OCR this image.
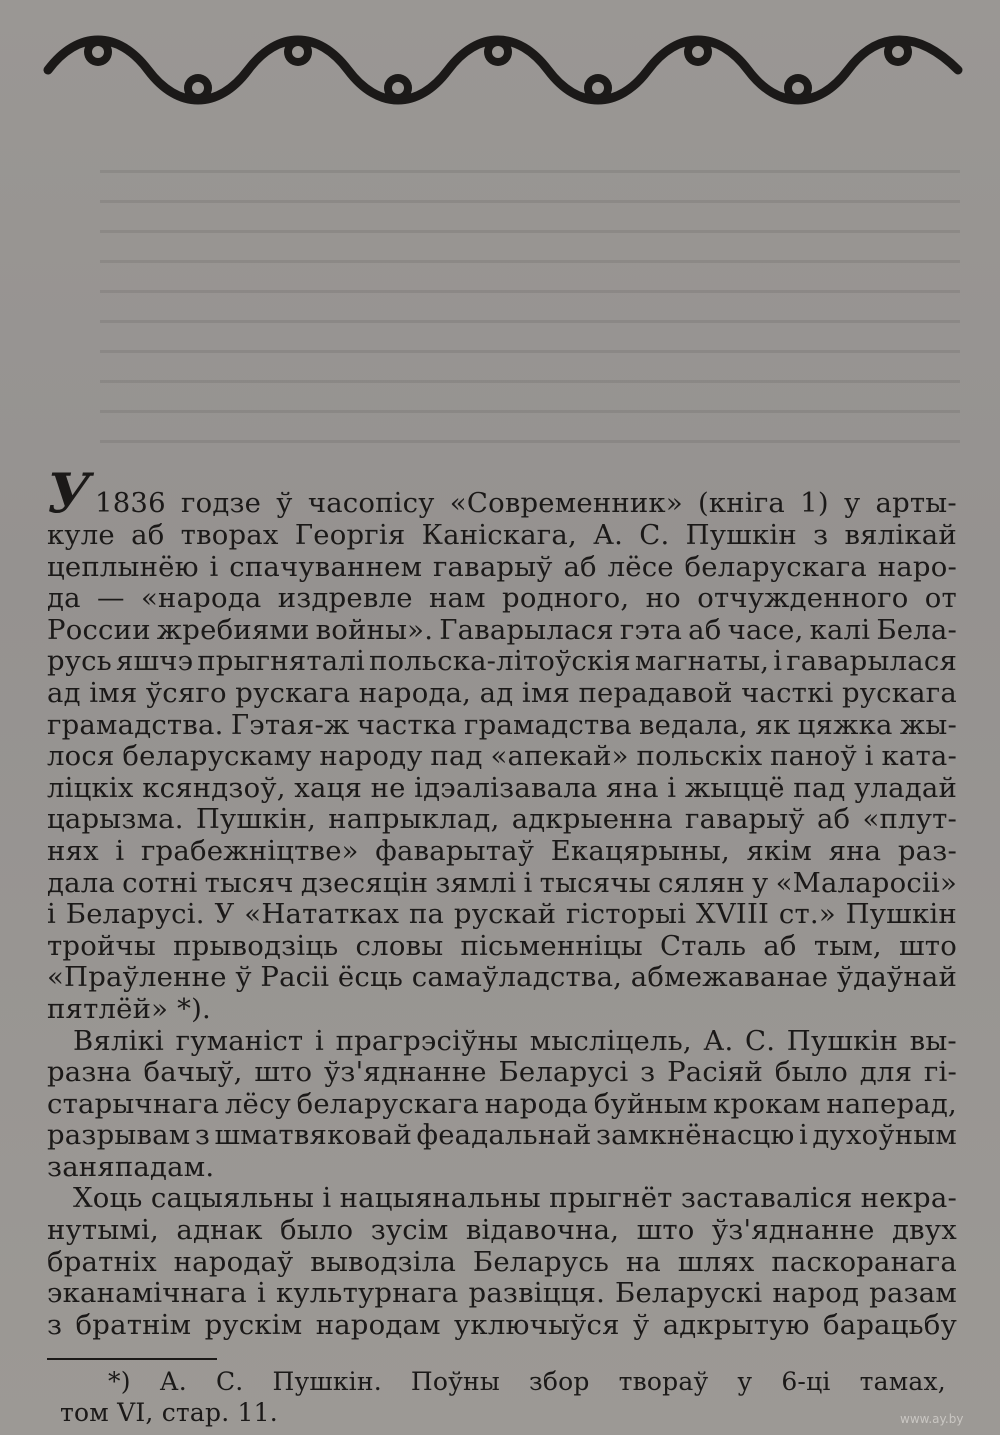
У 1836 годзе ў часопісу «Современник» (кніга 1) у арты-
куле аб творах Георгія Каніскага, А. С. Пушкін з вялікай
цеплынёю і спачуваннем гаварыў аб лёсе беларускага наро-
да — «народа издревле нам родного, но отчужденного от
России жребиями войны». Гаварылася гэта аб часе, калі Бела-
русь яшчэ прыгняталі польска-літоўскія магнаты, і гаварылася
ад імя ўсяго рускага народа, ад імя перадавой часткі рускага
грамадства. Гэтая-ж частка грамадства ведала, як цяжка жы-
лося беларускаму народу пад «апекай» польскіх паноў і ката-
ліцкіх ксяндзоў, хаця не ідэалізавала яна і жыццё пад уладай
царызма. Пушкін, напрыклад, адкрыенна гаварыў аб «плут-
нях і грабежніцтве» фаварытаў Екацярыны, якім яна раз-
дала сотні тысяч дзесяцін зямлі і тысячы сялян у «Маларосіі»
і Беларусі. У «Нататках па рускай гісторыі XVIII ст.» Пушкін
тройчы прыводзіць словы пісьменніцы Сталь аб тым, што
«Праўленне ў Расіі ёсць самаўладства, абмежаванае ўдаўнай
пятлёй» *).
Вялікі гуманіст і прагрэсіўны мысліцель, А. С. Пушкін вы-
разна бачыў, што ўз'яднанне Беларусі з Расіяй было для гі-
старычнага лёсу беларускага народа буйным крокам наперад,
разрывам з шматвяковай феадальнай замкнёнасцю і духоўным
заняпадам.
Хоць сацыяльны і нацыянальны прыгнёт заставаліся некра-
нутымі, аднак было зусім відавочна, што ўз'яднанне двух
братніх народаў выводзіла Беларусь на шлях паскоранага
эканамічнага і культурнага развіцця. Беларускі народ разам
з братнім рускім народам уключыўся ў адкрытую барацьбу
*) А. С. Пушкін. Поўны збор твораў у 6-ці тамах,
том VI, стар. 11.	www.ay.by
